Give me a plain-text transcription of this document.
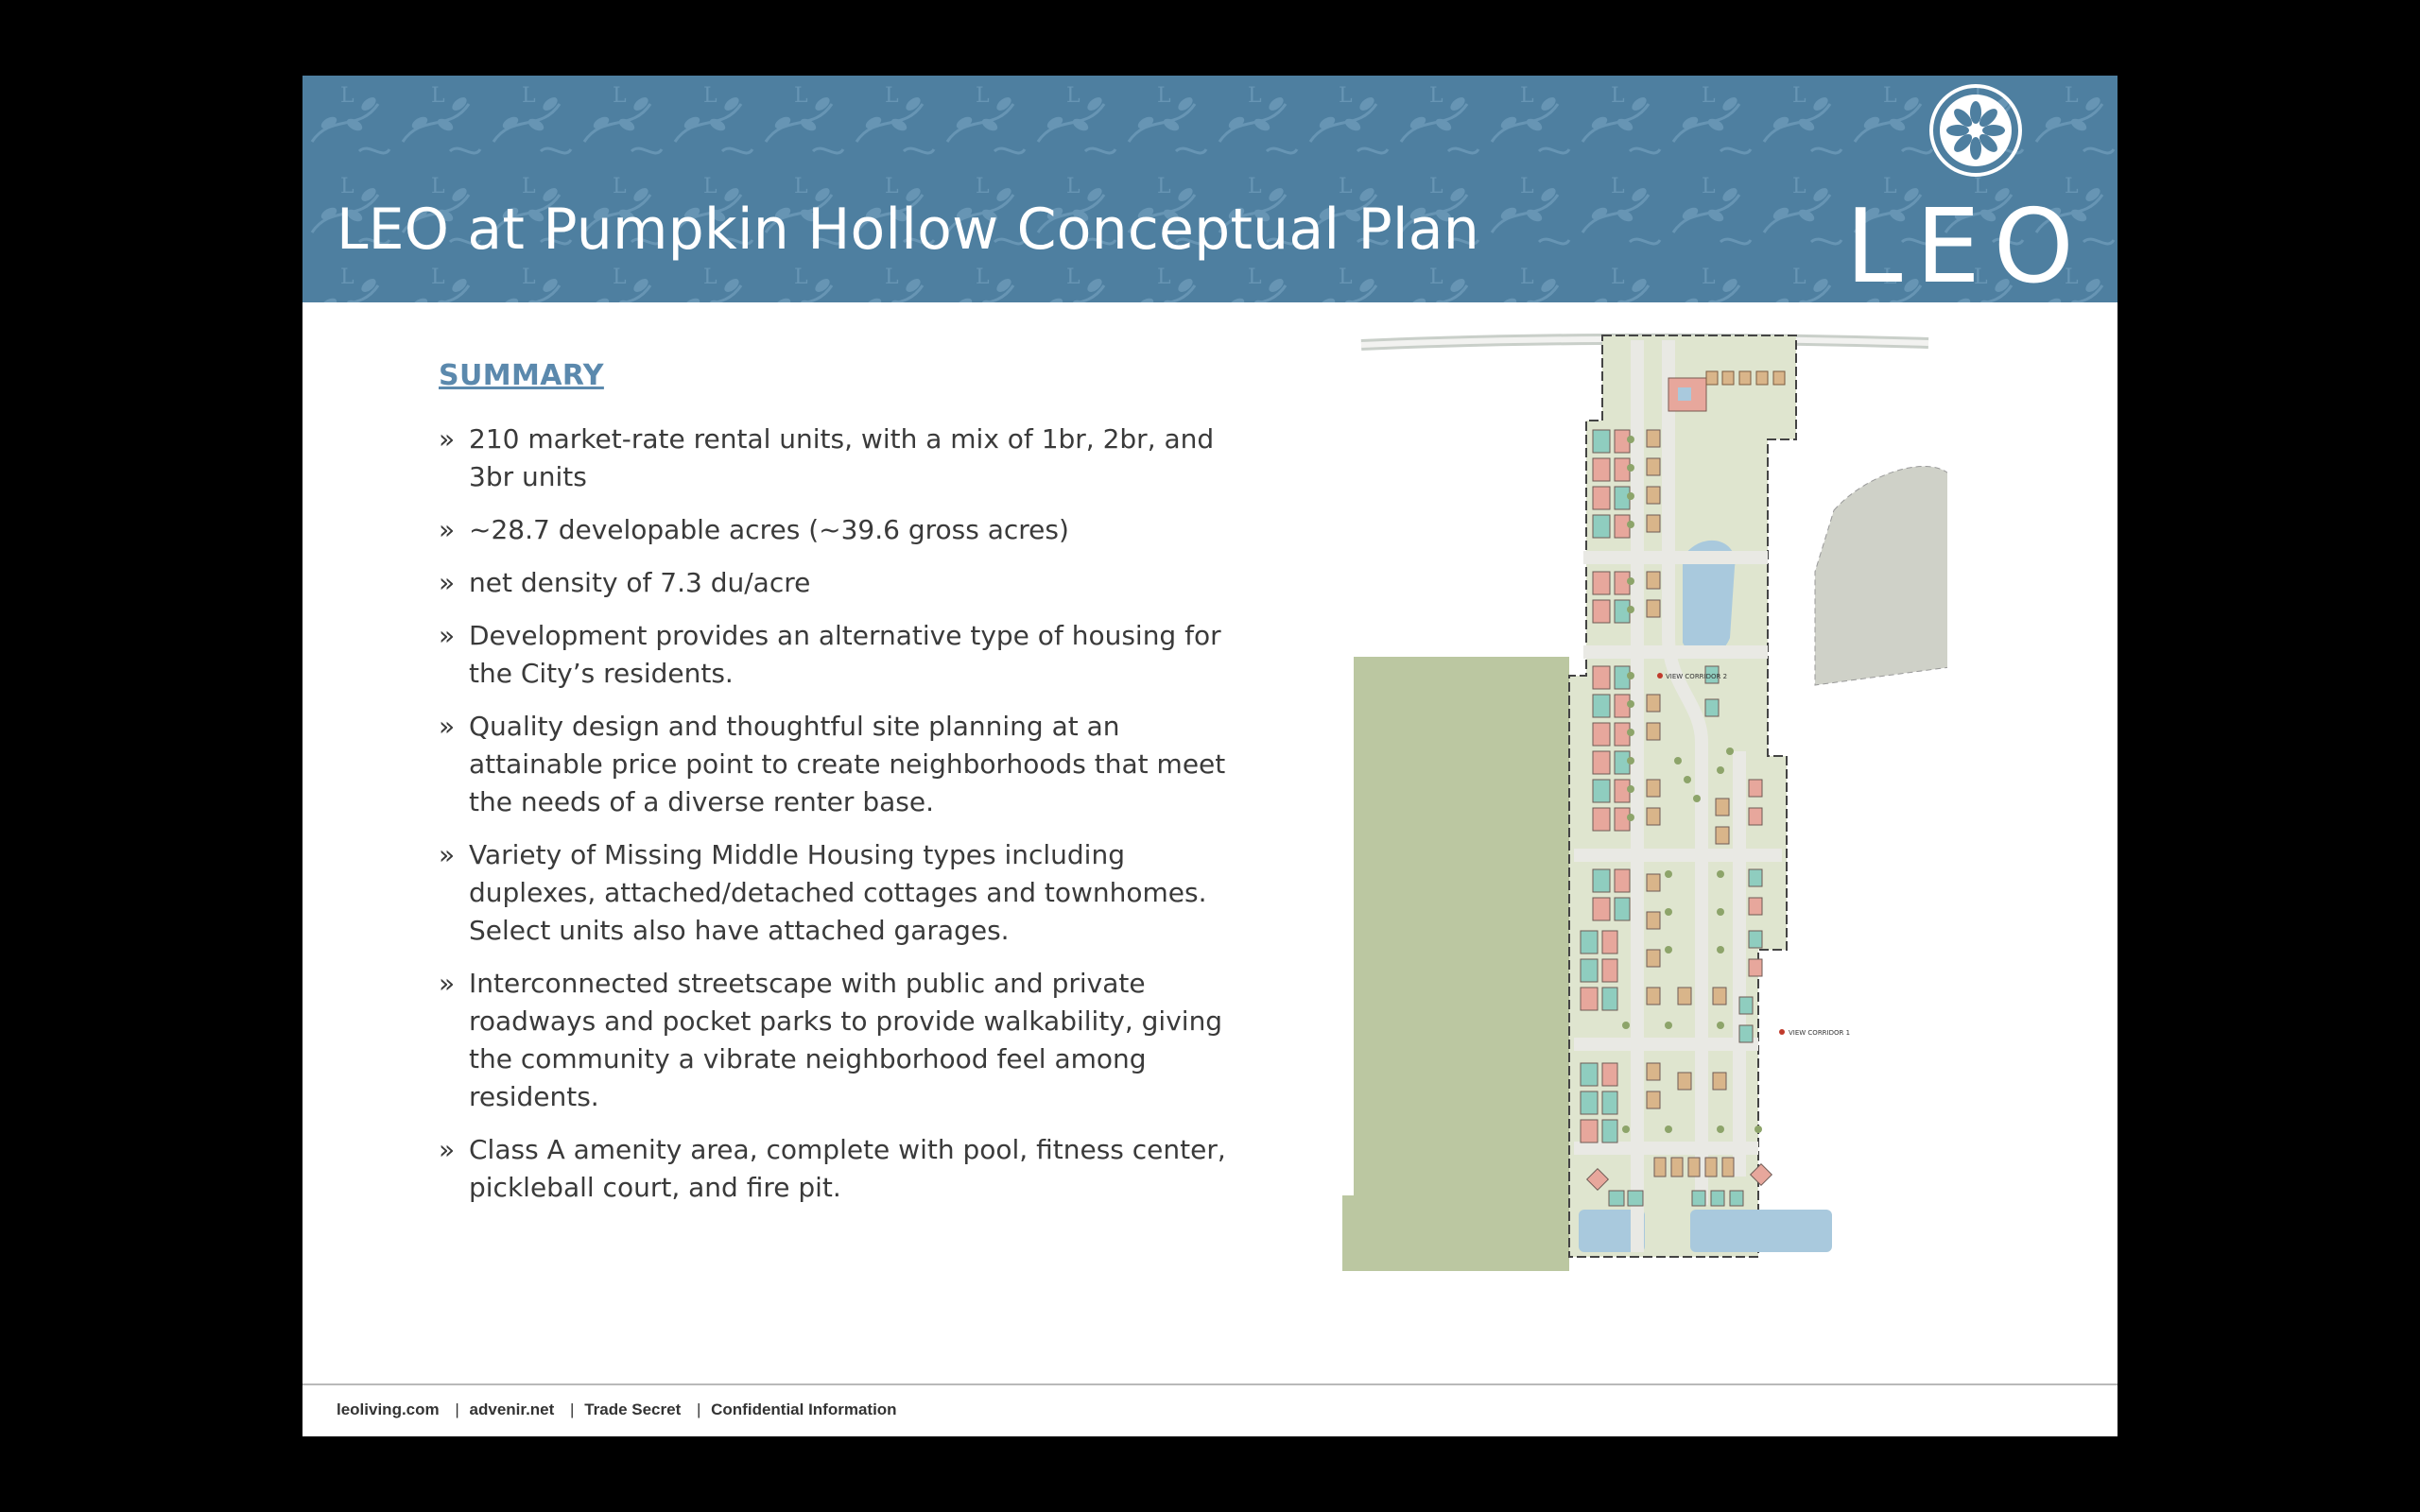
LEO at Pumpkin Hollow Conceptual Plan	LEO
SUMMARY
» 210 market-rate rental units, with a mix of 1br, 2br, and 3br units
» ~28.7 developable acres (~39.6 gross acres)
» net density of 7.3 du/acre
» Development provides an alternative type of housing for the City’s residents.
» Quality design and thoughtful site planning at an attainable price point to create neighborhoods that meet the needs of a diverse renter base.
» Variety of Missing Middle Housing types including duplexes, attached/detached cottages and townhomes. Select units also have attached garages.
» Interconnected streetscape with public and private roadways and pocket parks to provide walkability, giving the community a vibrate neighborhood feel among residents.
» Class A amenity area, complete with pool, fitness center, pickleball court, and fire pit.
VIEW CORRIDOR 2
VIEW CORRIDOR 1
leoliving.com | advenir.net | Trade Secret | Confidential Information
